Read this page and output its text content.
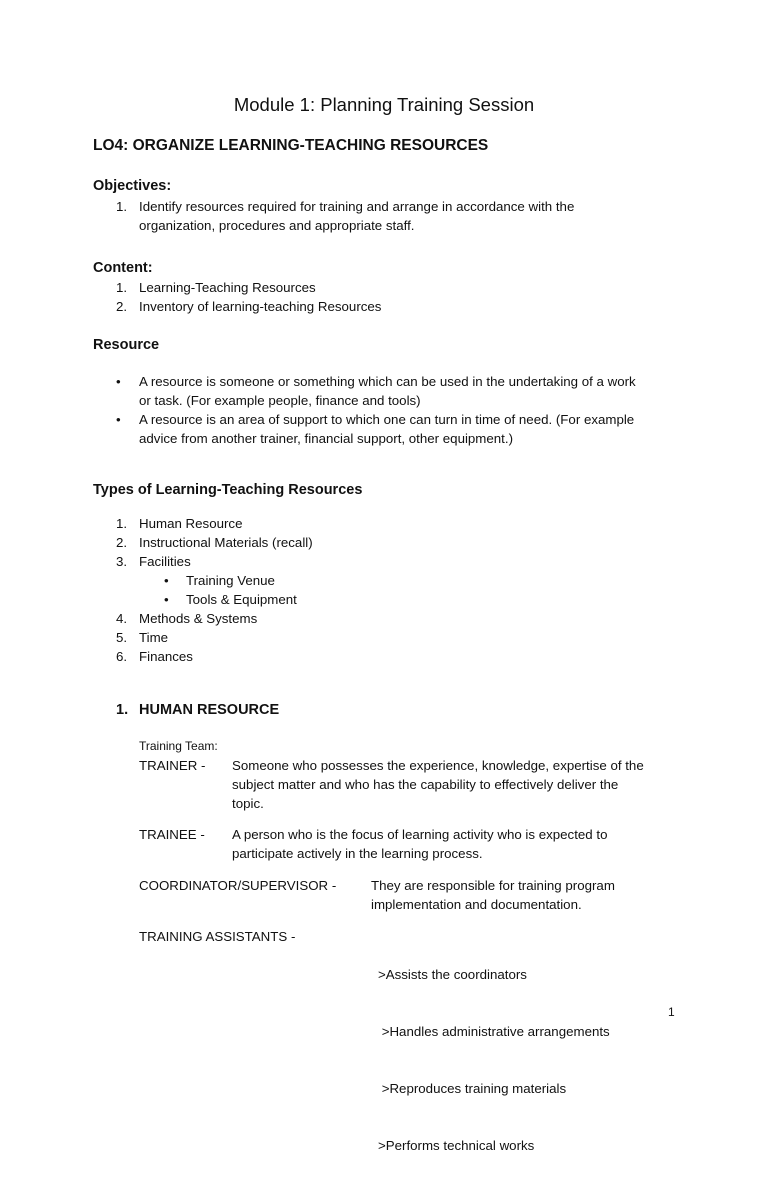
Module 1: Planning Training Session
LO4: ORGANIZE LEARNING-TEACHING RESOURCES
Objectives:
1. Identify resources required for training and arrange in accordance with the
organization, procedures and appropriate staff.
Content:
1. Learning-Teaching Resources
2. Inventory of learning-teaching Resources
Resource
• A resource is someone or something which can be used in the undertaking of a work
or task. (For example people, finance and tools)
• A resource is an area of support to which one can turn in time of need. (For example
advice from another trainer, financial support, other equipment.)
Types of Learning-Teaching Resources
1. Human Resource
2. Instructional Materials (recall)
3. Facilities
• Training Venue
• Tools & Equipment
4. Methods & Systems
5. Time
6. Finances
1. HUMAN RESOURCE
Training Team:
TRAINER - Someone who possesses the experience, knowledge, expertise of the
subject matter and who has the capability to effectively deliver the
topic.
TRAINEE - A person who is the focus of learning activity who is expected to
participate actively in the learning process.
COORDINATOR/SUPERVISOR -	They are responsible for training program
implementation and documentation.
TRAINING ASSISTANTS -

>Assists the coordinators

>Handles administrative arrangements

>Reproduces training materials

>Performs technical works

1
